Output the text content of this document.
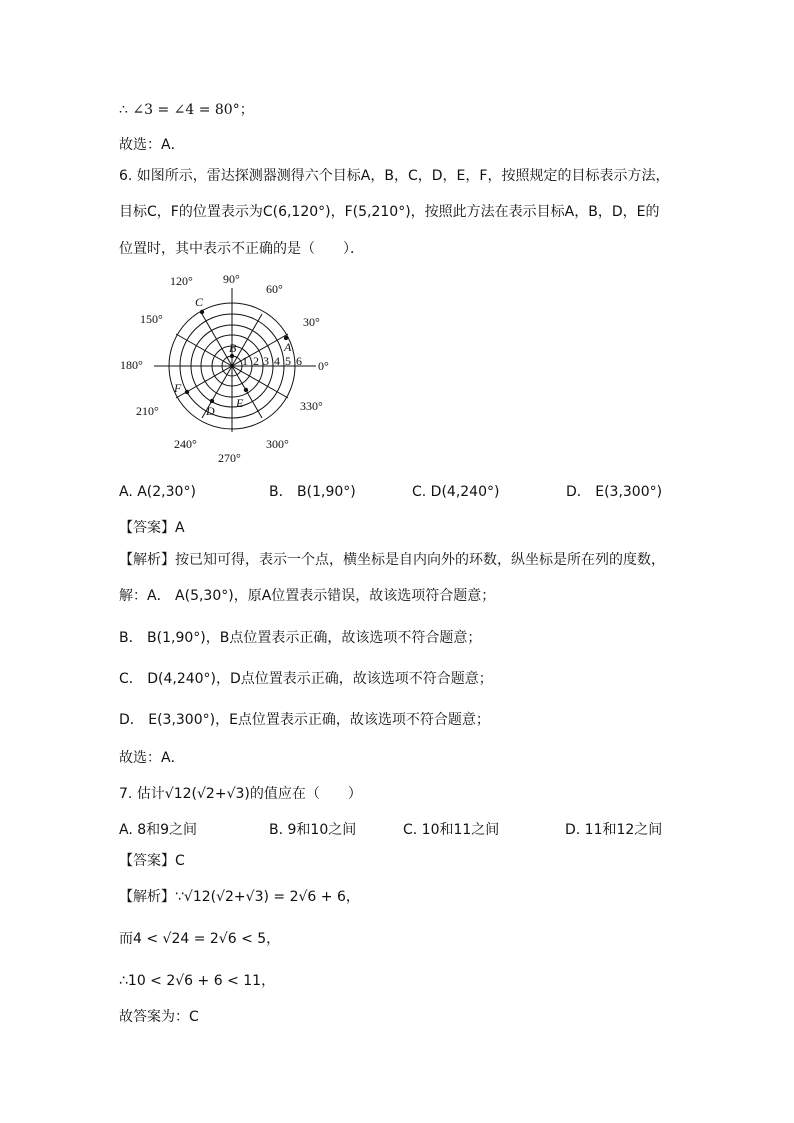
∴ ∠3 = ∠4 = 80°；
故选：A．
6. 如图所示，雷达探测器测得六个目标A，B，C，D，E，F，按照规定的目标表示方法，
目标C，F的位置表示为C(6,120°)，F(5,210°)，按照此方法在表示目标A，B，D，E的
位置时，其中表示不正确的是（　　）．
90°
60°
30°
0°
330°
300°
270°
240°
210°
180°
150°
120°
1 2 3 4 5 6
A
B
C
D
E
F
A. A(2,30°)	B． B(1,90°)	C. D(4,240°)	D． E(3,300°)
【答案】A
【解析】按已知可得，表示一个点，横坐标是自内向外的环数，纵坐标是所在列的度数，
解：A． A(5,30°)，原A位置表示错误，故该选项符合题意；
B． B(1,90°)，B点位置表示正确，故该选项不符合题意；
C． D(4,240°)，D点位置表示正确，故该选项不符合题意；
D． E(3,300°)，E点位置表示正确，故该选项不符合题意；
故选：A．
7. 估计√12(√2+√3)的值应在（　　）
A. 8和9之间	B. 9和10之间	C. 10和11之间	D. 11和12之间
【答案】C
【解析】∵√12(√2+√3) = 2√6 + 6，
而4 < √24 = 2√6 < 5，
∴10 < 2√6 + 6 < 11，
故答案为：C
